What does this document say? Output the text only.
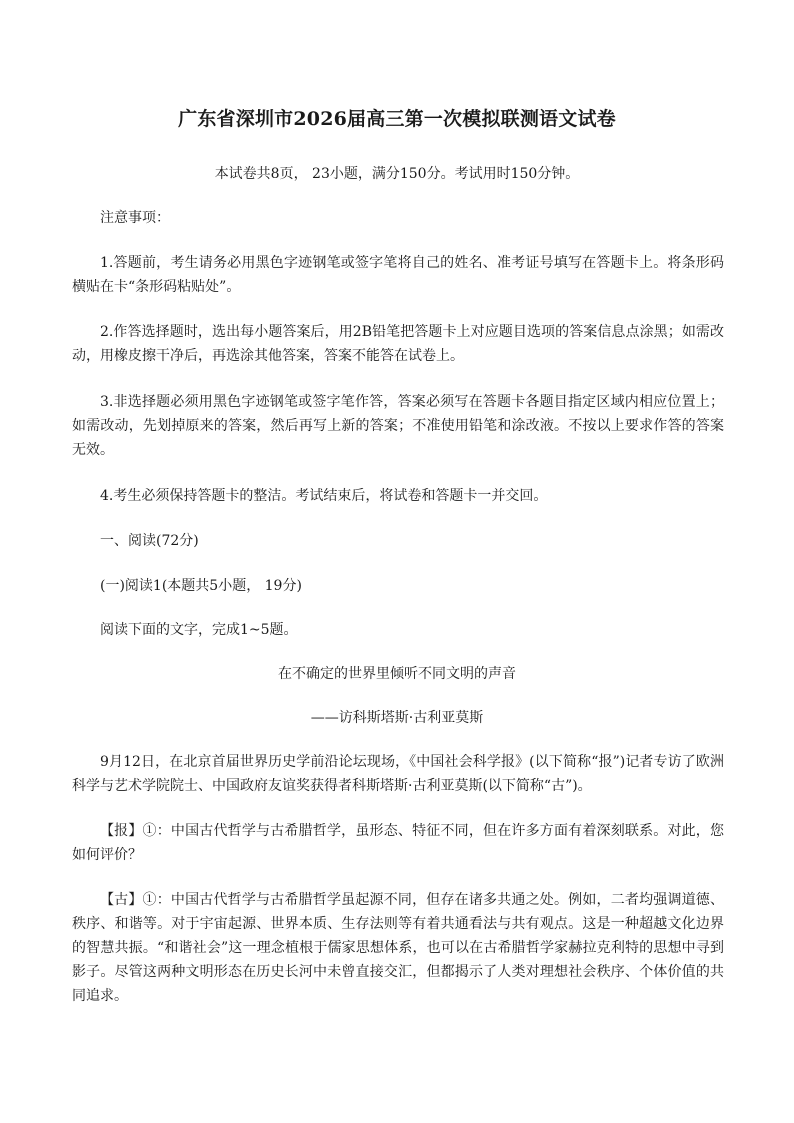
广东省深圳市2026届高三第一次模拟联测语文试卷
本试卷共8页， 23小题，满分150分。考试用时150分钟。
注意事项：
1.答题前，考生请务必用黑色字迹钢笔或签字笔将自己的姓名、准考证号填写在答题卡上。将条形码横贴在卡“条形码粘贴处”。
2.作答选择题时，选出每小题答案后，用2B铅笔把答题卡上对应题目选项的答案信息点涂黑；如需改动，用橡皮擦干净后，再选涂其他答案，答案不能答在试卷上。
3.非选择题必须用黑色字迹钢笔或签字笔作答，答案必须写在答题卡各题目指定区域内相应位置上；如需改动，先划掉原来的答案，然后再写上新的答案；不准使用铅笔和涂改液。不按以上要求作答的答案无效。
4.考生必须保持答题卡的整洁。考试结束后，将试卷和答题卡一并交回。
一、阅读(72分)
(一)阅读1(本题共5小题， 19分)
阅读下面的文字，完成1~5题。
在不确定的世界里倾听不同文明的声音
——访科斯塔斯·古利亚莫斯
9月12日，在北京首届世界历史学前沿论坛现场，《中国社会科学报》(以下简称“报”)记者专访了欧洲科学与艺术学院院士、中国政府友谊奖获得者科斯塔斯·古利亚莫斯(以下简称“古”)。
【报】①：中国古代哲学与古希腊哲学，虽形态、特征不同，但在许多方面有着深刻联系。对此，您如何评价？
【古】①：中国古代哲学与古希腊哲学虽起源不同，但存在诸多共通之处。例如，二者均强调道德、秩序、和谐等。对于宇宙起源、世界本质、生存法则等有着共通看法与共有观点。这是一种超越文化边界的智慧共振。“和谐社会”这一理念植根于儒家思想体系，也可以在古希腊哲学家赫拉克利特的思想中寻到影子。尽管这两种文明形态在历史长河中未曾直接交汇，但都揭示了人类对理想社会秩序、个体价值的共同追求。
